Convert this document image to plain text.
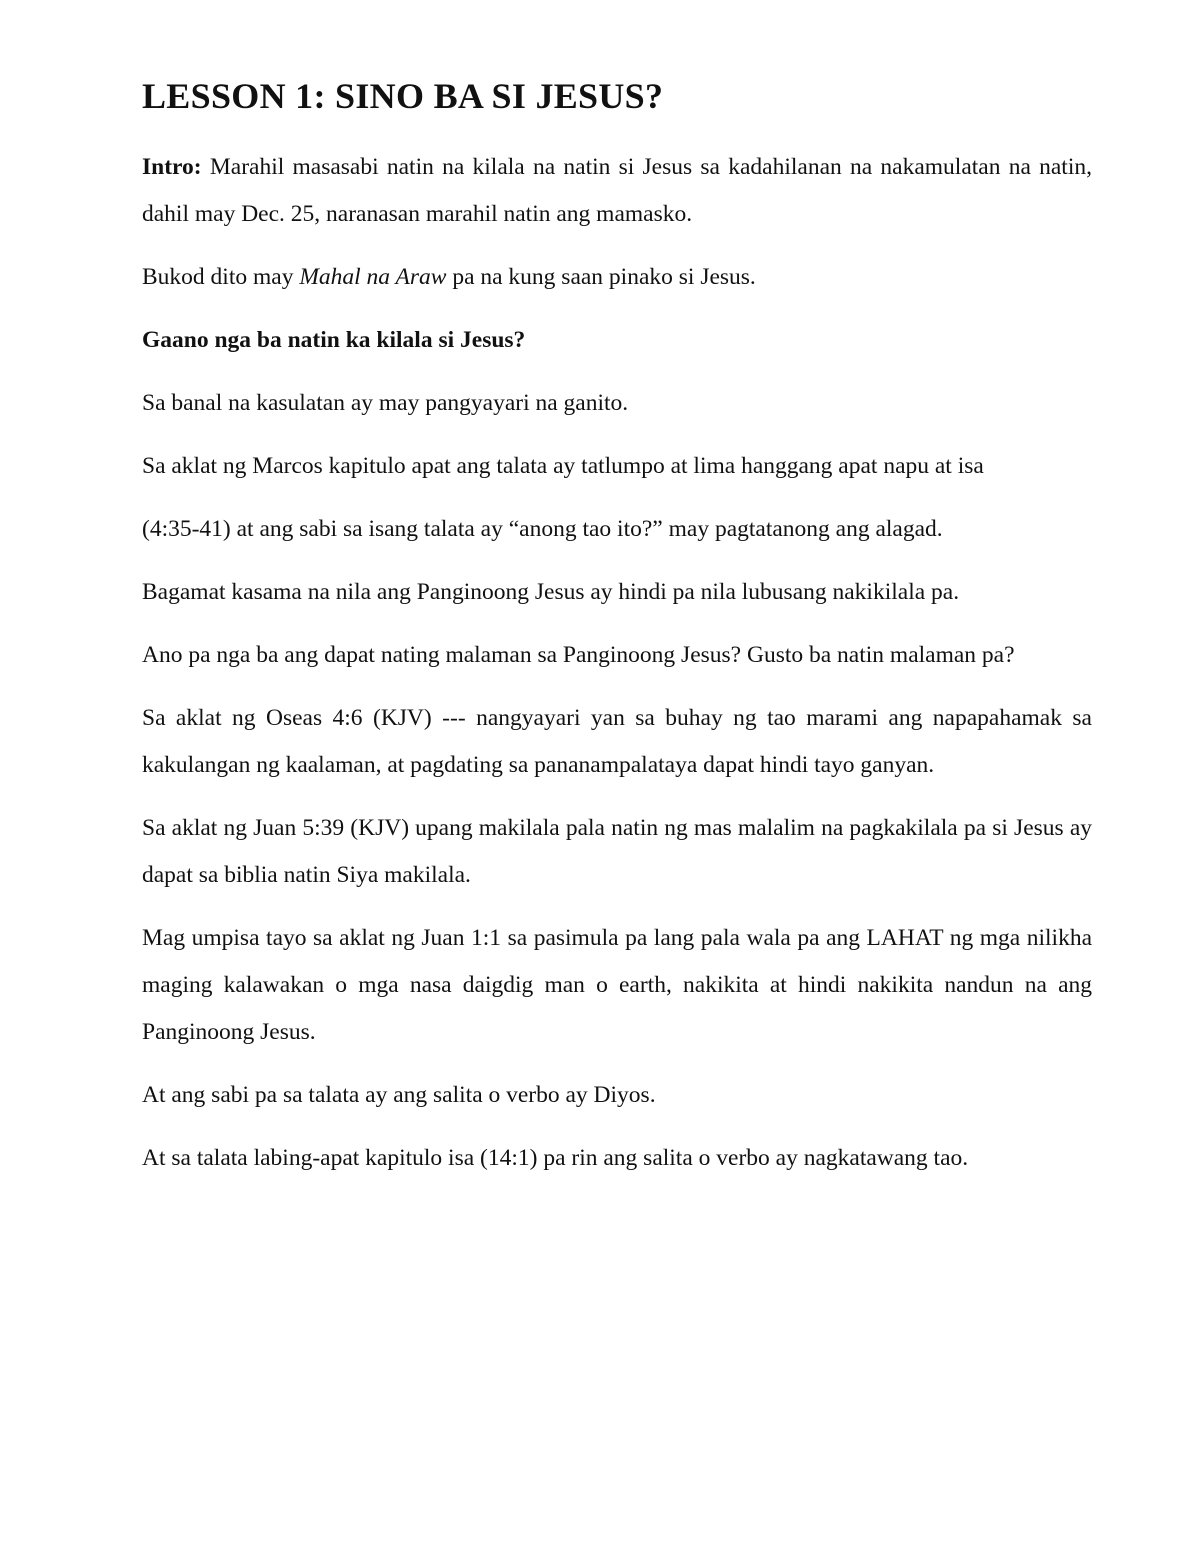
LESSON 1: SINO BA SI JESUS?

Intro: Marahil masasabi natin na kilala na natin si Jesus sa kadahilanan na nakamulatan na natin, dahil may Dec. 25, naranasan marahil natin ang mamasko.

Bukod dito may Mahal na Araw pa na kung saan pinako si Jesus.

Gaano nga ba natin ka kilala si Jesus?

Sa banal na kasulatan ay may pangyayari na ganito.

Sa aklat ng Marcos kapitulo apat ang talata ay tatlumpo at lima hanggang apat napu at isa

(4:35-41) at ang sabi sa isang talata ay “anong tao ito?” may pagtatanong ang alagad.

Bagamat kasama na nila ang Panginoong Jesus ay hindi pa nila lubusang nakikilala pa.

Ano pa nga ba ang dapat nating malaman sa Panginoong Jesus? Gusto ba natin malaman pa?

Sa aklat ng Oseas 4:6 (KJV) --- nangyayari yan sa buhay ng tao marami ang napapahamak sa kakulangan ng kaalaman, at pagdating sa pananampalataya dapat hindi tayo ganyan.

Sa aklat ng Juan 5:39 (KJV) upang makilala pala natin ng mas malalim na pagkakilala pa si Jesus ay dapat sa biblia natin Siya makilala.

Mag umpisa tayo sa aklat ng Juan 1:1 sa pasimula pa lang pala wala pa ang LAHAT ng mga nilikha maging kalawakan o mga nasa daigdig man o earth, nakikita at hindi nakikita nandun na ang Panginoong Jesus.

At ang sabi pa sa talata ay ang salita o verbo ay Diyos.

At sa talata labing-apat kapitulo isa (14:1) pa rin ang salita o verbo ay nagkatawang tao.
